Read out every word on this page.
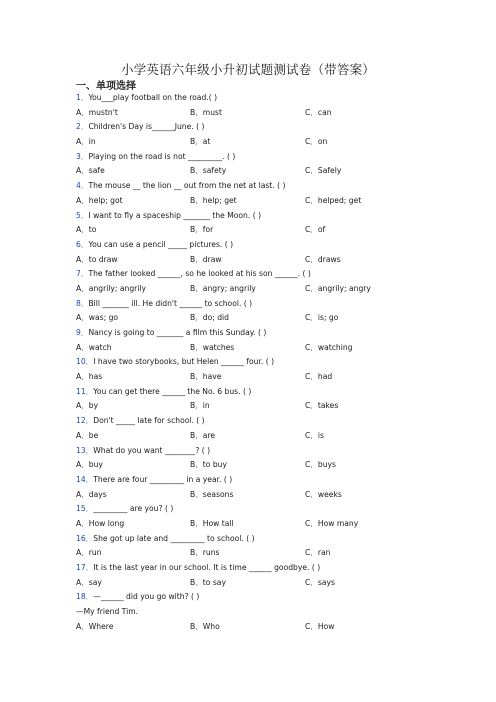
小学英语六年级小升初试题测试卷（带答案）
一、单项选择
1．You___play football on the road.( )
A．mustn't	B．must	C．can
2．Children's Day is______June. ( )
A．in	B．at	C．on
3．Playing on the road is not _________. ( )
A．safe	B．safety	C．Safely
4．The mouse __ the lion __ out from the net at last. ( )
A．help; got	B．help; get	C．helped; get
5．I want to fly a spaceship _______ the Moon. ( )
A．to	B．for	C．of
6．You can use a pencil _____ pictures. ( )
A．to draw	B．draw	C．draws
7．The father looked ______, so he looked at his son ______. ( )
A．angrily; angrily	B．angry; angrily	C．angrily; angry
8．Bill _______ ill. He didn't ______ to school. ( )
A．was; go	B．do; did	C．is; go
9．Nancy is going to _______ a film this Sunday. ( )
A．watch	B．watches	C．watching
10．I have two storybooks, but Helen ______ four. ( )
A．has	B．have	C．had
11．You can get there ______ the No. 6 bus. ( )
A．by	B．in	C．takes
12．Don't _____ late for school. ( )
A．be	B．are	C．is
13．What do you want ________? ( )
A．buy	B．to buy	C．buys
14．There are four _________ in a year. ( )
A．days	B．seasons	C．weeks
15．_________ are you? ( )
A．How long	B．How tall	C．How many
16．She got up late and _________ to school. ( )
A．run	B．runs	C．ran
17．It is the last year in our school. It is time ______ goodbye. ( )
A．say	B．to say	C．says
18．—______ did you go with? ( )
—My friend Tim.
A．Where	B．Who	C．How
